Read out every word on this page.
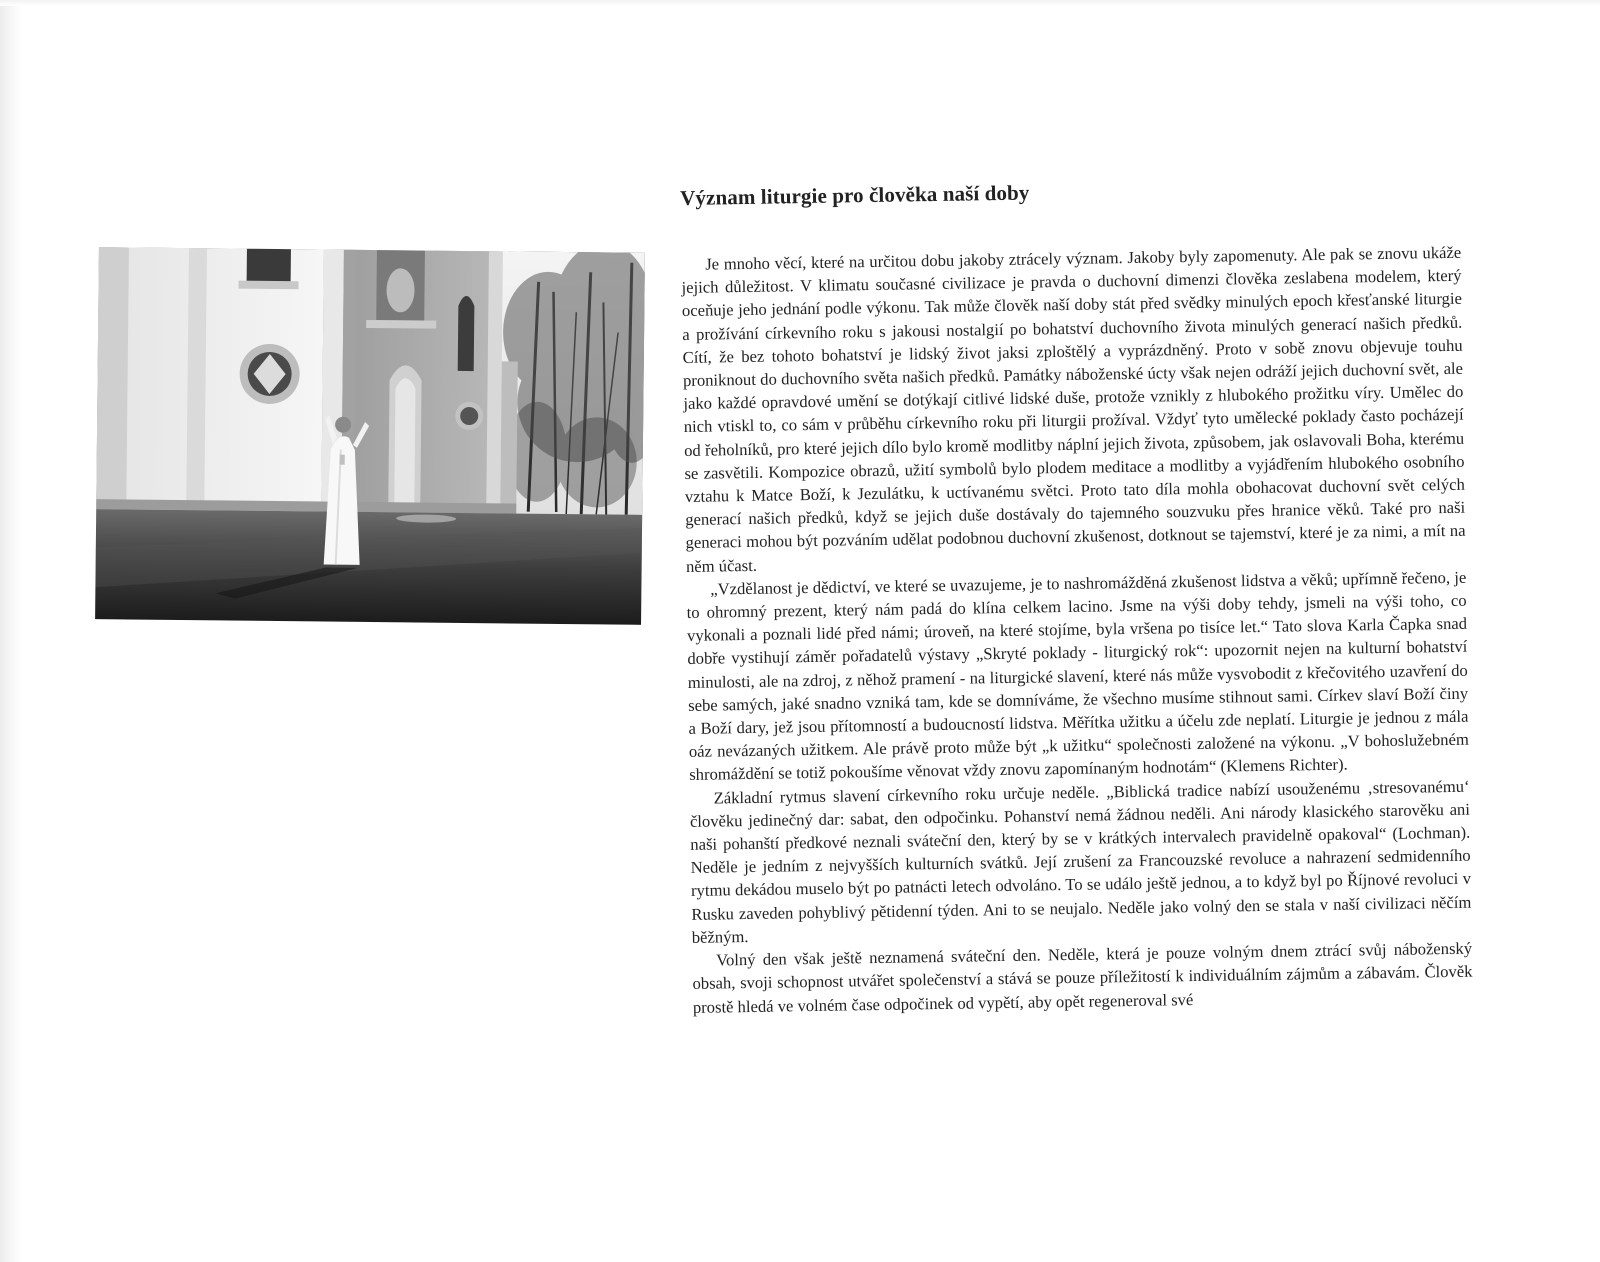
Význam liturgie pro člověka naší doby

Je mnoho věcí, které na určitou dobu jakoby ztrácely význam. Jakoby byly zapomenuty. Ale pak se znovu ukáže jejich důležitost. V klimatu současné civilizace je pravda o duchovní dimenzi člověka zeslabena modelem, který oceňuje jeho jednání podle výkonu. Tak může člověk naší doby stát před svědky minulých epoch křesťanské liturgie a prožívání církevního roku s jakousi nostalgií po bohatství duchovního života minulých generací našich předků. Cítí, že bez tohoto bohatství je lidský život jaksi zploštělý a vyprázdněný. Proto v sobě znovu objevuje touhu proniknout do duchovního světa našich předků. Památky náboženské úcty však nejen odráží jejich duchovní svět, ale jako každé opravdové umění se dotýkají citlivé lidské duše, protože vznikly z hlubokého prožitku víry. Umělec do nich vtiskl to, co sám v průběhu církevního roku při liturgii prožíval. Vždyť tyto umělecké poklady často pocházejí od řeholníků, pro které jejich dílo bylo kromě modlitby náplní jejich života, způsobem, jak oslavovali Boha, kterému se zasvětili. Kompozice obrazů, užití symbolů bylo plodem meditace a modlitby a vyjádřením hlubokého osobního vztahu k Matce Boží, k Jezulátku, k uctívanému světci. Proto tato díla mohla obohacovat duchovní svět celých generací našich předků, když se jejich duše dostávaly do tajemného souzvuku přes hranice věků. Také pro naši generaci mohou být pozváním udělat podobnou duchovní zkušenost, dotknout se tajemství, které je za nimi, a mít na něm účast.

„Vzdělanost je dědictví, ve které se uvazujeme, je to nashromážděná zkušenost lidstva a věků; upřímně řečeno, je to ohromný prezent, který nám padá do klína celkem lacino. Jsme na výši doby tehdy, jsmeli na výši toho, co vykonali a poznali lidé před námi; úroveň, na které stojíme, byla vršena po tisíce let.“ Tato slova Karla Čapka snad dobře vystihují záměr pořadatelů výstavy „Skryté poklady - liturgický rok“: upozornit nejen na kulturní bohatství minulosti, ale na zdroj, z něhož pramení - na liturgické slavení, které nás může vysvobodit z křečovitého uzavření do sebe samých, jaké snadno vzniká tam, kde se domníváme, že všechno musíme stihnout sami. Církev slaví Boží činy a Boží dary, jež jsou přítomností a budoucností lidstva. Měřítka užitku a účelu zde neplatí. Liturgie je jednou z mála oáz nevázaných užitkem. Ale právě proto může být „k užitku“ společnosti založené na výkonu. „V bohoslužebném shromáždění se totiž pokoušíme věnovat vždy znovu zapomínaným hodnotám“ (Klemens Richter).

Základní rytmus slavení církevního roku určuje neděle. „Biblická tradice nabízí usouženému ‚stresovanému‘ člověku jedinečný dar: sabat, den odpočinku. Pohanství nemá žádnou neděli. Ani národy klasického starověku ani naši pohanští předkové neznali sváteční den, který by se v krátkých intervalech pravidelně opakoval“ (Lochman). Neděle je jedním z nejvyšších kulturních svátků. Její zrušení za Francouzské revoluce a nahrazení sedmidenního rytmu dekádou muselo být po patnácti letech odvoláno. To se událo ještě jednou, a to když byl po Říjnové revoluci v Rusku zaveden pohyblivý pětidenní týden. Ani to se neujalo. Neděle jako volný den se stala v naší civilizaci něčím běžným.

Volný den však ještě neznamená sváteční den. Neděle, která je pouze volným dnem ztrácí svůj náboženský obsah, svoji schopnost utvářet společenství a stává se pouze příležitostí k individuálním zájmům a zábavám. Člověk prostě hledá ve volném čase odpočinek od vypětí, aby opět regeneroval své
